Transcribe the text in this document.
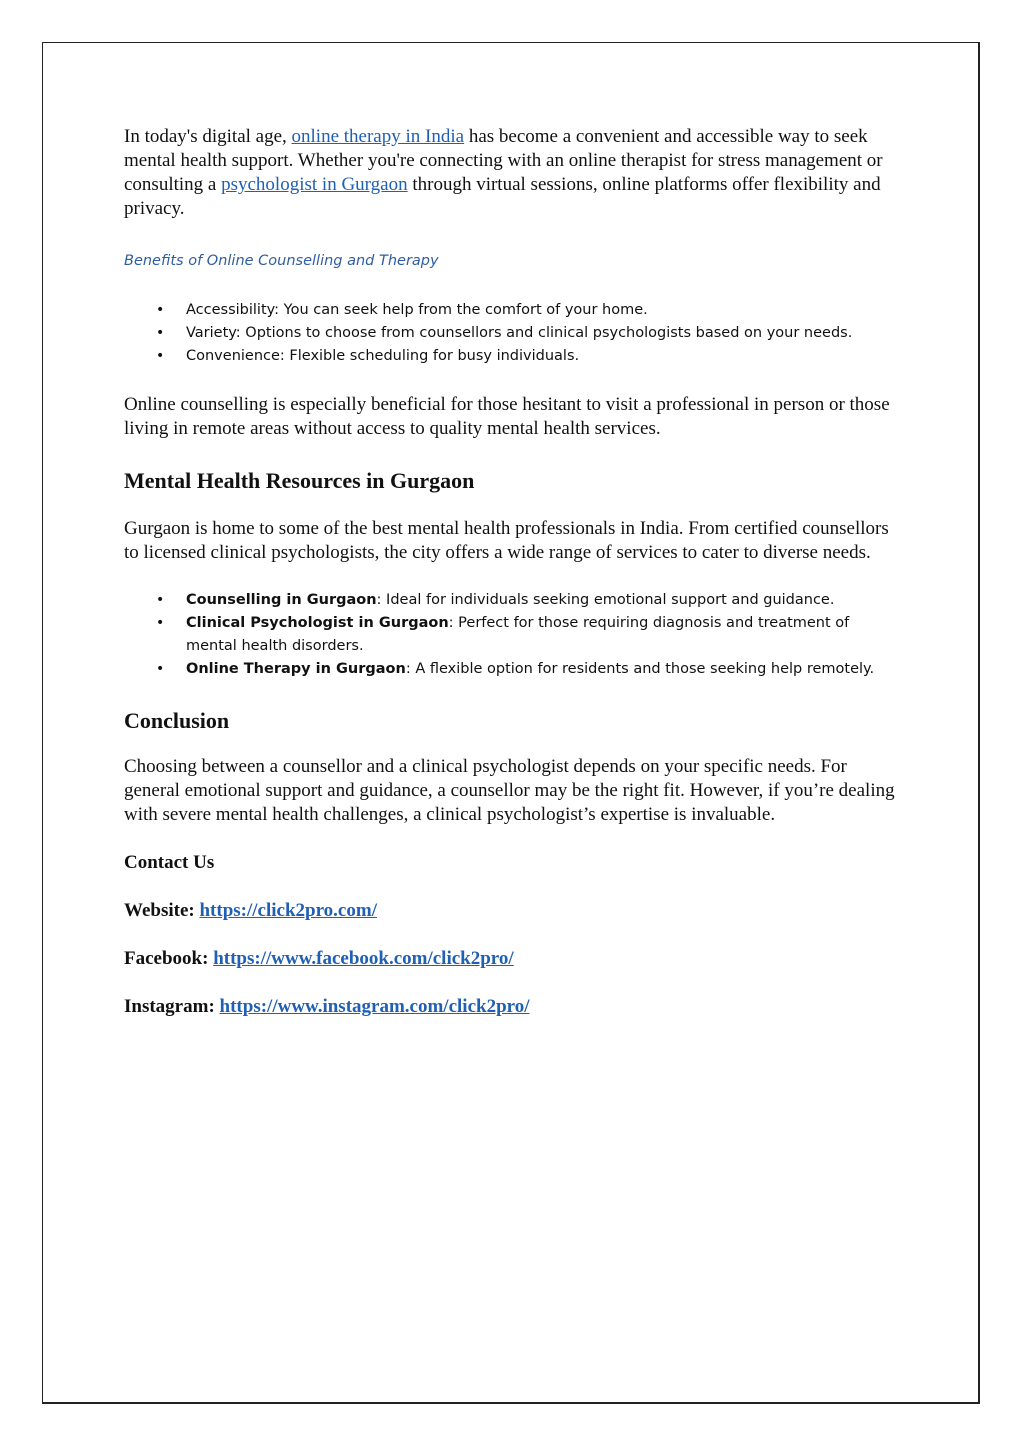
In today's digital age, online therapy in India has become a convenient and accessible way to seek mental health support. Whether you're connecting with an online therapist for stress management or consulting a psychologist in Gurgaon through virtual sessions, online platforms offer flexibility and privacy.

Benefits of Online Counselling and Therapy

• Accessibility: You can seek help from the comfort of your home.
• Variety: Options to choose from counsellors and clinical psychologists based on your needs.
• Convenience: Flexible scheduling for busy individuals.

Online counselling is especially beneficial for those hesitant to visit a professional in person or those living in remote areas without access to quality mental health services.

Mental Health Resources in Gurgaon

Gurgaon is home to some of the best mental health professionals in India. From certified counsellors to licensed clinical psychologists, the city offers a wide range of services to cater to diverse needs.

• Counselling in Gurgaon: Ideal for individuals seeking emotional support and guidance.
• Clinical Psychologist in Gurgaon: Perfect for those requiring diagnosis and treatment of mental health disorders.
• Online Therapy in Gurgaon: A flexible option for residents and those seeking help remotely.

Conclusion

Choosing between a counsellor and a clinical psychologist depends on your specific needs. For general emotional support and guidance, a counsellor may be the right fit. However, if you’re dealing with severe mental health challenges, a clinical psychologist’s expertise is invaluable.

Contact Us

Website: https://click2pro.com/

Facebook: https://www.facebook.com/click2pro/

Instagram: https://www.instagram.com/click2pro/
